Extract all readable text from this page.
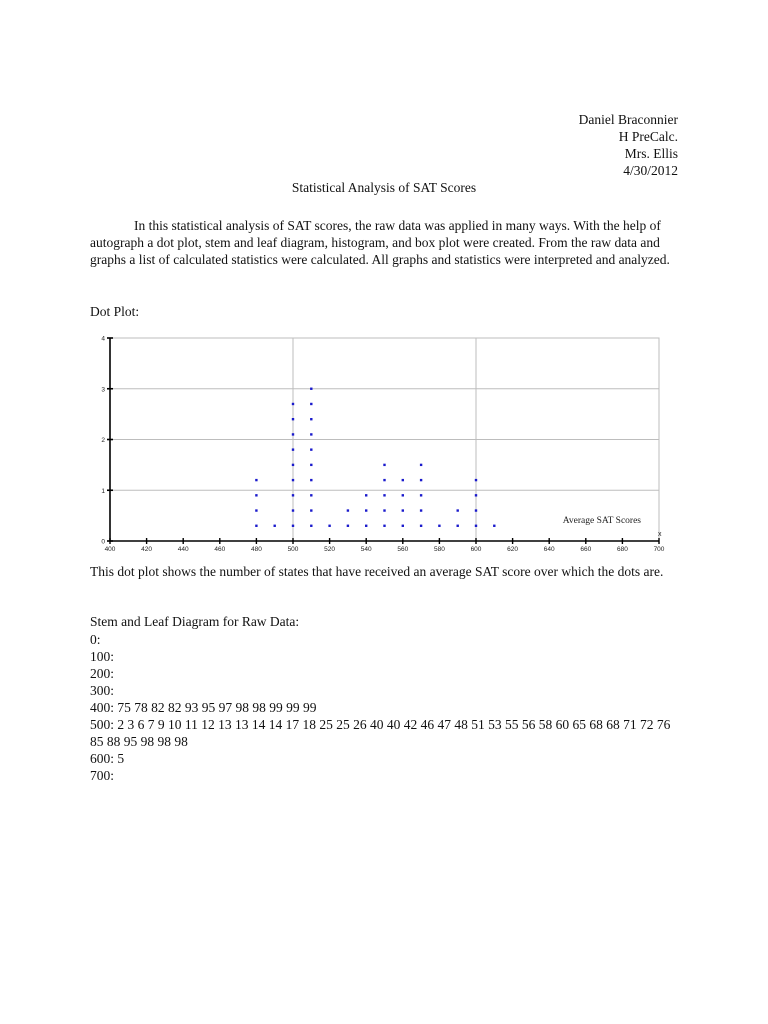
Daniel Braconnier
H PreCalc.
Mrs. Ellis
4/30/2012
Statistical Analysis of SAT Scores
In this statistical analysis of SAT scores, the raw data was applied in many ways. With the help of autograph a dot plot, stem and leaf diagram, histogram, and box plot were created. From the raw data and graphs a list of calculated statistics were calculated. All graphs and statistics were interpreted and analyzed.
Dot Plot:
400	420	440	460	480	500	520	540	560	580	600	620	640	660	680	700
0
1
2
3
4
Average SAT Scores
x
This dot plot shows the number of states that have received an average SAT score over which the dots are.
Stem and Leaf Diagram for Raw Data:
0:
100:
200:
300:
400: 75 78 82 82 93 95 97 98 98 99 99 99
500: 2 3 6 7 9 10 11 12 13 13 14 14 17 18 25 25 26 40 40 42 46 47 48 51 53 55 56 58 60 65 68 68 71 72 76 85 88 95 98 98 98
600: 5
700:
